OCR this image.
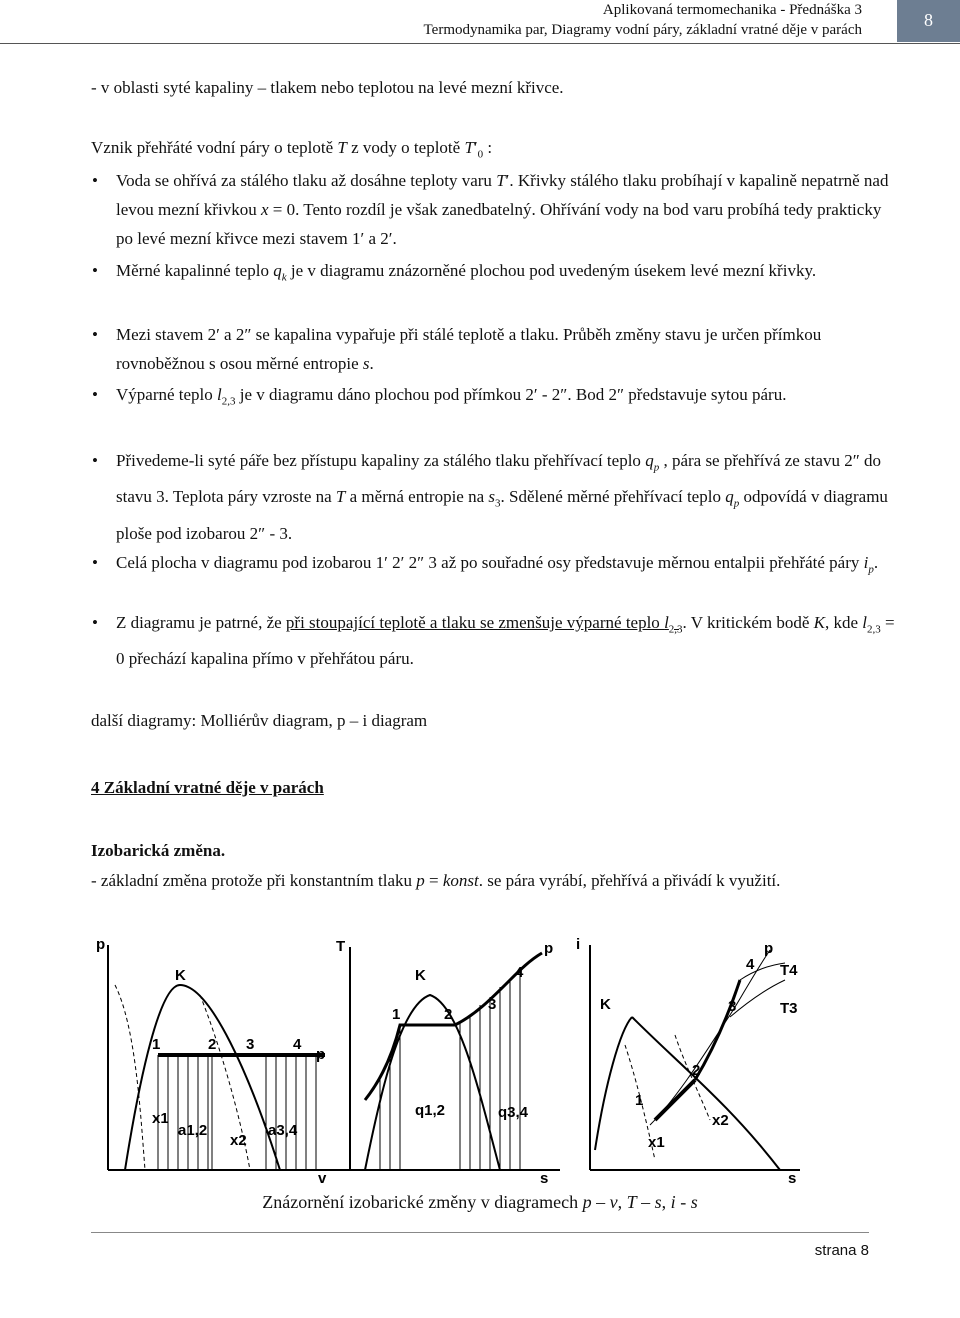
Aplikovaná termomechanika - Přednáška 3
Termodynamika par, Diagramy vodní páry, základní vratné děje v parách	8
- v oblasti syté kapaliny – tlakem nebo teplotou na levé mezní křivce.
Vznik přehřáté vodní páry o teplotě T z vody o teplotě $T'_0$ :
• Voda se ohřívá za stálého tlaku až dosáhne teploty varu T′. Křivky stálého tlaku probíhají v kapalině nepatrně nad levou mezní křivkou x = 0. Tento rozdíl je však zanedbatelný. Ohřívání vody na bod varu probíhá tedy prakticky po levé mezní křivce mezi stavem 1′ a 2′.
• Měrné kapalinné teplo $q_k$ je v diagramu znázorněné plochou pod uvedeným úsekem levé mezní křivky.
• Mezi stavem 2′ a 2″ se kapalina vypařuje při stálé teplotě a tlaku. Průběh změny stavu je určen přímkou rovnoběžnou s osou měrné entropie s.
• Výparné teplo $l_{2,3}$ je v diagramu dáno plochou pod přímkou 2′ - 2″. Bod 2″ představuje sytou páru.
• Přivedeme-li syté páře bez přístupu kapaliny za stálého tlaku přehřívací teplo $q_p$ , pára se přehřívá ze stavu 2″ do stavu 3. Teplota páry vzroste na T a měrná entropie na $s_3$. Sdělené měrné přehřívací teplo $q_p$ odpovídá v diagramu ploše pod izobarou 2″ - 3.
• Celá plocha v diagramu pod izobarou 1′ 2′ 2″ 3 až po souřadné osy představuje měrnou entalpii přehřáté páry $i_p$.
• Z diagramu je patrné, že při stoupající teplotě a tlaku se zmenšuje výparné teplo $l_{2,3}$. V kritickém bodě K, kde $l_{2,3} = 0$ přechází kapalina přímo v přehřátou páru.
další diagramy: Molliérův diagram, p – i diagram
4 Základní vratné děje v parách
Izobarická změna.
- základní změna protože při konstantním tlaku p = konst. se pára vyrábí, přehřívá a přivádí k využití.
p
v
K
1	2 3	4
p
x1
a1,2
x2
a3,4
T
s
K
1	2
3
4
p
q1,2	q3,4
i
s
K
1
2
3
4
p
T4
T3
x1
x2
Znázornění izobarické změny v diagramech p – v, T – s, i - s
strana 8
